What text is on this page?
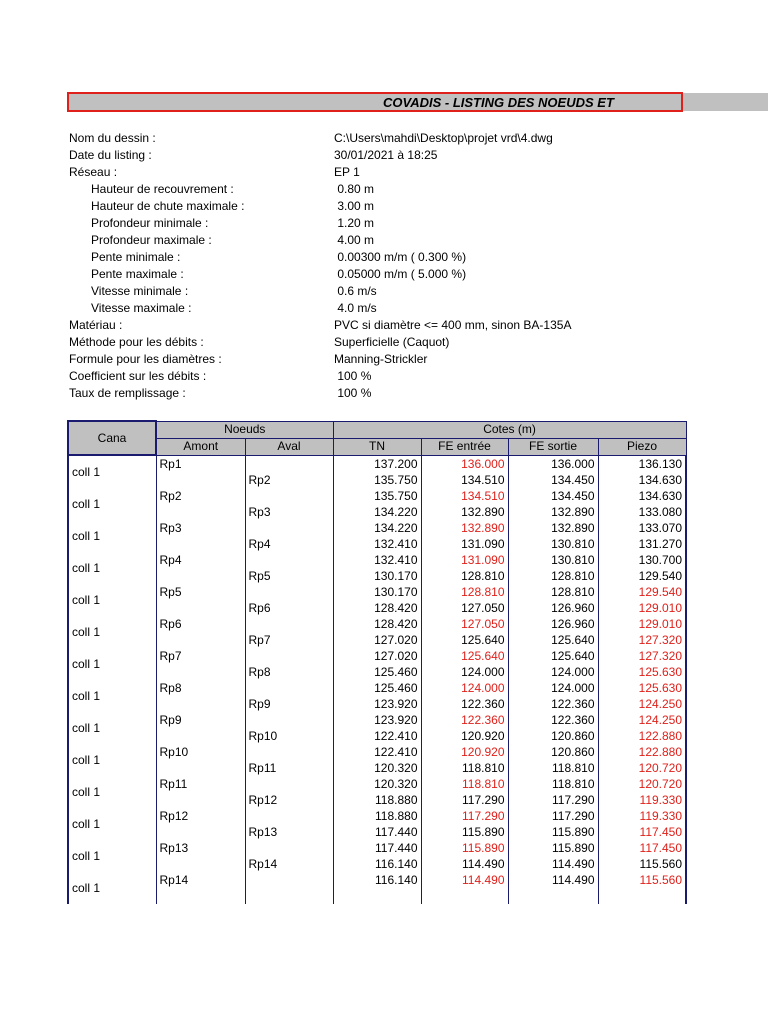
COVADIS - LISTING DES NOEUDS ET
Nom du dessin :	C:\Users\mahdi\Desktop\projet vrd\4.dwg
Date du listing :	30/01/2021 à 18:25
Réseau :	EP 1
Hauteur de recouvrement :	0.80 m
Hauteur de chute maximale :	3.00 m
Profondeur minimale :	1.20 m
Profondeur maximale :	4.00 m
Pente minimale :	0.00300 m/m ( 0.300 %)
Pente maximale :	0.05000 m/m ( 5.000 %)
Vitesse minimale :	0.6 m/s
Vitesse maximale :	4.0 m/s
Matériau :	PVC si diamètre <= 400 mm, sinon BA-135A
Méthode pour les débits :	Superficielle (Caquot)
Formule pour les diamètres :	Manning-Strickler
Coefficient sur les débits :	100 %
Taux de remplissage :	100 %
Cana	Noeuds		Cotes (m)			
	Amont	Aval	TN	FE entrée	FE sortie	Piezo
coll 1	Rp1		137.200	136.000	136.000	136.130
		Rp2	135.750	134.510	134.450	134.630
coll 1	Rp2		135.750	134.510	134.450	134.630
		Rp3	134.220	132.890	132.890	133.080
coll 1	Rp3		134.220	132.890	132.890	133.070
		Rp4	132.410	131.090	130.810	131.270
coll 1	Rp4		132.410	131.090	130.810	130.700
		Rp5	130.170	128.810	128.810	129.540
coll 1	Rp5		130.170	128.810	128.810	129.540
		Rp6	128.420	127.050	126.960	129.010
coll 1	Rp6		128.420	127.050	126.960	129.010
		Rp7	127.020	125.640	125.640	127.320
coll 1	Rp7		127.020	125.640	125.640	127.320
		Rp8	125.460	124.000	124.000	125.630
coll 1	Rp8		125.460	124.000	124.000	125.630
		Rp9	123.920	122.360	122.360	124.250
coll 1	Rp9		123.920	122.360	122.360	124.250
		Rp10	122.410	120.920	120.860	122.880
coll 1	Rp10		122.410	120.920	120.860	122.880
		Rp11	120.320	118.810	118.810	120.720
coll 1	Rp11		120.320	118.810	118.810	120.720
		Rp12	118.880	117.290	117.290	119.330
coll 1	Rp12		118.880	117.290	117.290	119.330
		Rp13	117.440	115.890	115.890	117.450
coll 1	Rp13		117.440	115.890	115.890	117.450
		Rp14	116.140	114.490	114.490	115.560
coll 1	Rp14		116.140	114.490	114.490	115.560
